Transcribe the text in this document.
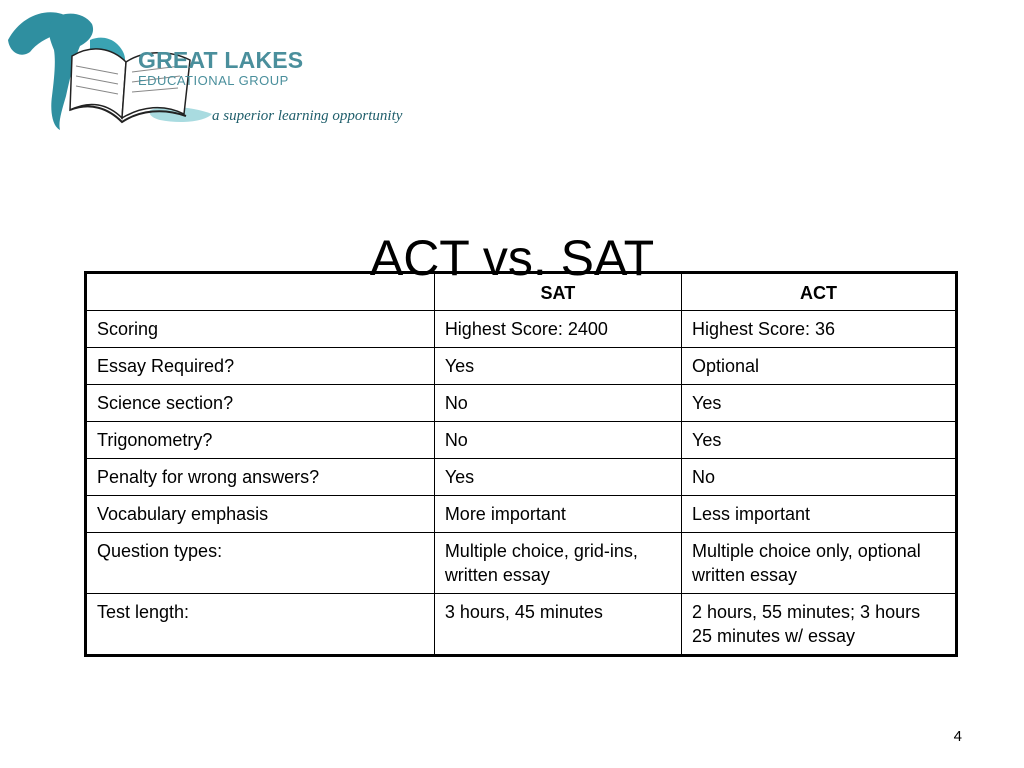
GREAT LAKES
EDUCATIONAL GROUP
a superior learning opportunity
ACT vs. SAT
	SAT	ACT
Scoring	Highest Score: 2400	Highest Score: 36
Essay Required?	Yes	Optional
Science section?	No	Yes
Trigonometry?	No	Yes
Penalty for wrong answers?	Yes	No
Vocabulary emphasis	More important	Less important
Question types:	Multiple choice, grid-ins, written essay	Multiple choice only, optional written essay
Test length:	3 hours, 45 minutes	2 hours, 55 minutes; 3 hours 25 minutes w/ essay
4
